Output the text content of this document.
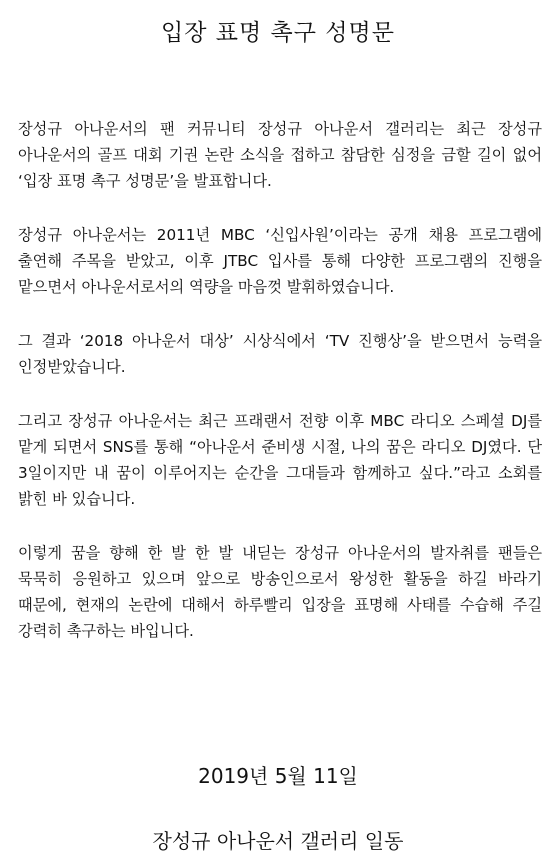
입장 표명 촉구 성명문

장성규 아나운서의 팬 커뮤니티 장성규 아나운서 갤러리는 최근 장성규 아나운서의 골프 대회 기권 논란 소식을 접하고 참담한 심정을 금할 길이 없어 ‘입장 표명 촉구 성명문’을 발표합니다.

장성규 아나운서는 2011년 MBC ‘신입사원’이라는 공개 채용 프로그램에 출연해 주목을 받았고, 이후 JTBC 입사를 통해 다양한 프로그램의 진행을 맡으면서 아나운서로서의 역량을 마음껏 발휘하였습니다.

그 결과 ‘2018 아나운서 대상’ 시상식에서 ‘TV 진행상’을 받으면서 능력을 인정받았습니다.

그리고 장성규 아나운서는 최근 프래랜서 전향 이후 MBC 라디오 스페셜 DJ를 맡게 되면서 SNS를 통해 “아나운서 준비생 시절, 나의 꿈은 라디오 DJ였다. 단 3일이지만 내 꿈이 이루어지는 순간을 그대들과 함께하고 싶다.”라고 소회를 밝힌 바 있습니다.

이렇게 꿈을 향해 한 발 한 발 내딛는 장성규 아나운서의 발자취를 팬들은 묵묵히 응원하고 있으며 앞으로 방송인으로서 왕성한 활동을 하길 바라기 때문에, 현재의 논란에 대해서 하루빨리 입장을 표명해 사태를 수습해 주길 강력히 촉구하는 바입니다.

2019년 5월 11일

장성규 아나운서 갤러리 일동
